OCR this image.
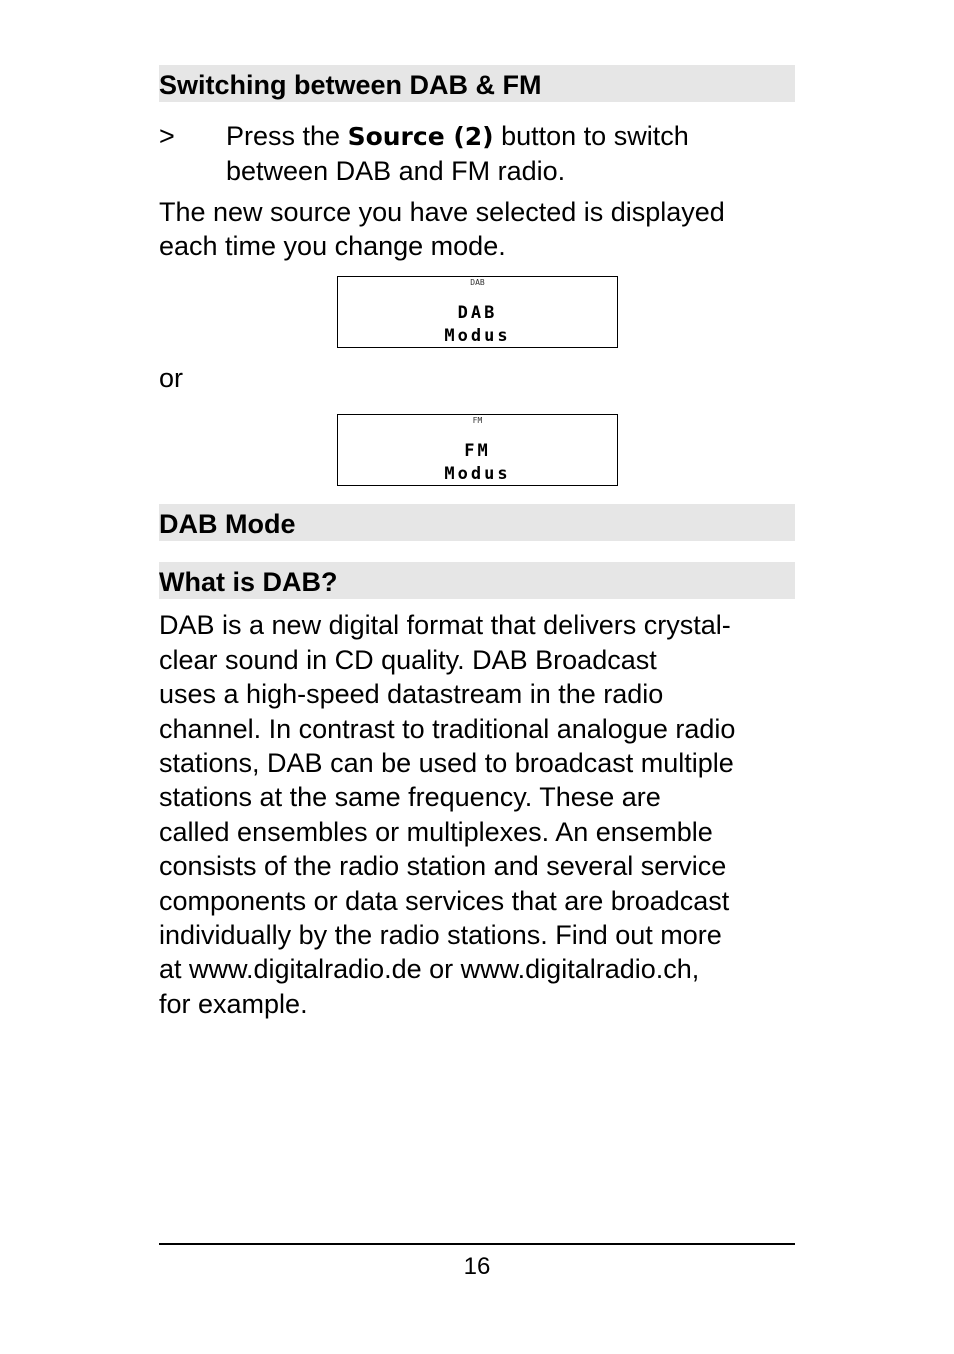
Switching between DAB & FM
> Press the Source (2) button to switch
between DAB and FM radio.
The new source you have selected is displayed
each time you change mode.
DAB
DAB
Modus
or
FM
FM
Modus
DAB Mode
What is DAB?
DAB is a new digital format that delivers crystal-
clear sound in CD quality. DAB Broadcast
uses a high-speed datastream in the radio
channel. In contrast to traditional analogue radio
stations, DAB can be used to broadcast multiple
stations at the same frequency. These are
called ensembles or multiplexes. An ensemble
consists of the radio station and several service
components or data services that are broadcast
individually by the radio stations. Find out more
at www.digitalradio.de or www.digitalradio.ch,
for example.
16
